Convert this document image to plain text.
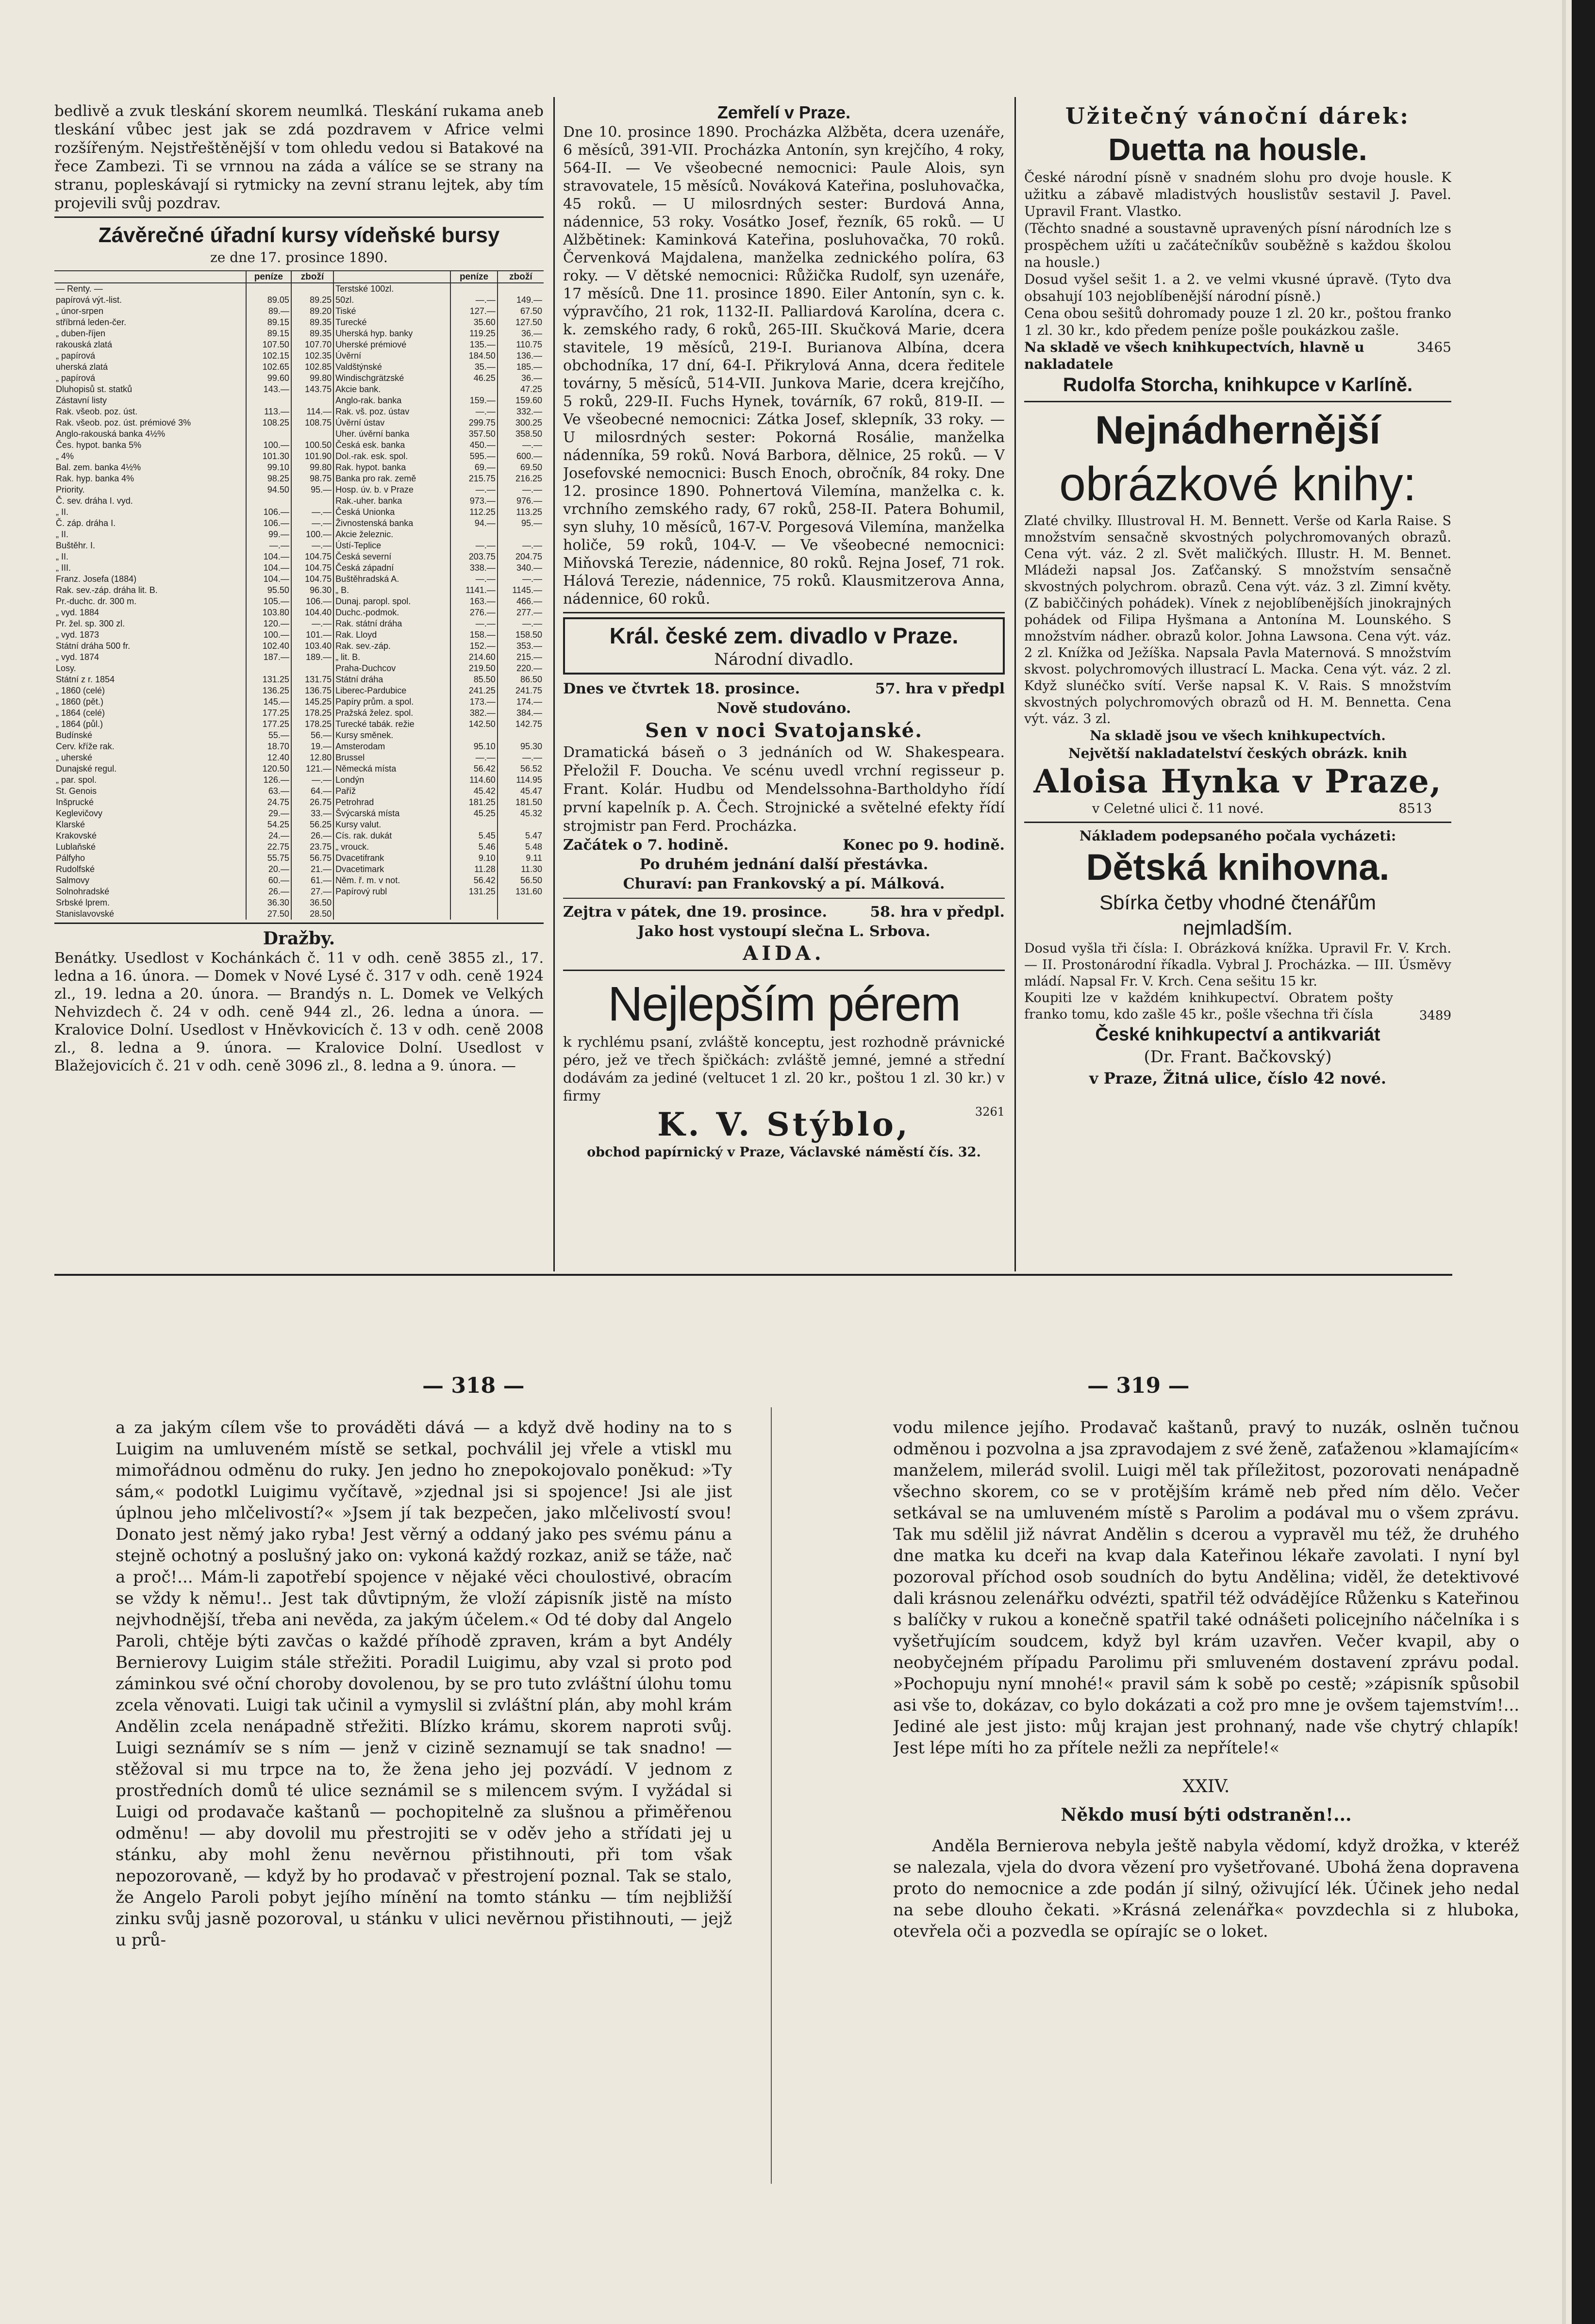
bedlivě a zvuk tleskání skorem neumlká. Tleskání rukama aneb tleskání vůbec jest jak se zdá pozdravem v Africe velmi rozšířeným. Nejstřeštěnější v tom ohledu vedou si Batakové na řece Zambezi. Ti se vrnnou na záda a válíce se se strany na stranu, popleskávají si rytmicky na zevní stranu lejtek, aby tím projevili svůj pozdrav.

Závěrečné úřadní kursy vídeňské bursy

ze dne 17. prosince 1890.

	peníze	zboží		peníze	zboží
— Renty. —			Terstské 100zl.		
papírová výt.-list.	89.05	89.25	50zl.	—.—	149.—
„ únor-srpen	89.—	89.20	Tiské	127.—	67.50
stříbrná leden-čer.	89.15	89.35	Turecké	35.60	127.50
„ duben-říjen	89.15	89.35	Uherská hyp. banky	119.25	36.—
rakouská zlatá	107.50	107.70	Uherské prémiové	135.—	110.75
„ papírová	102.15	102.35	Úvěrní	184.50	136.—
uherská zlatá	102.65	102.85	Valdštýnské	35.—	185.—
„ papírová	99.60	99.80	Windischgrätzské	46.25	36.—
Dluhopisů st. statků	143.—	143.75	Akcie bank.		47.25
Zástavní listy			Anglo-rak. banka	159.—	159.60
Rak. všeob. poz. úst.	113.—	114.—	Rak. vš. poz. ústav	—.—	332.—
Rak. všeob. poz. úst. prémiové 3%	108.25	108.75	Úvěrní ústav	299.75	300.25
Anglo-rakouská banka 4½%			Uher. úvěrní banka	357.50	358.50
Čes. hypot. banka 5%	100.—	100.50	Česká esk. banka	450.—	—.—
„ 4%	101.30	101.90	Dol.-rak. esk. spol.	595.—	600.—
Bal. zem. banka 4½%	99.10	99.80	Rak. hypot. banka	69.—	69.50
Rak. hyp. banka 4%	98.25	98.75	Banka pro rak. země	215.75	216.25
Priority.	94.50	95.—	Hosp. úv. b. v Praze	—.—	—.—
Č. sev. dráha I. vyd.			Rak.-uher. banka	973.—	976.—
„ II.	106.—	—.—	Česká Unionka	112.25	113.25
Č. záp. dráha I.	106.—	—.—	Živnostenská banka	94.—	95.—
„ II.	99.—	100.—	Akcie železnic.		
Buštěhr. I.	—.—	—.—	Ústí-Teplice	—.—	—.—
„ II.	104.—	104.75	Česká severní	203.75	204.75
„ III.	104.—	104.75	Česká západní	338.—	340.—
Franz. Josefa (1884)	104.—	104.75	Buštěhradská A.	—.—	—.—
Rak. sev.-záp. dráha lit. B.	95.50	96.30	„ B.	1141.—	1145.—
Pr.-duchc. dr. 300 m.	105.—	106.—	Dunaj. paropl. spol.	163.—	466.—
„ vyd. 1884	103.80	104.40	Duchc.-podmok.	276.—	277.—
Pr. žel. sp. 300 zl.	120.—	—.—	Rak. státní dráha	—.—	—.—
„ vyd. 1873	100.—	101.—	Rak. Lloyd	158.—	158.50
Státní dráha 500 fr.	102.40	103.40	Rak. sev.-záp.	152.—	353.—
„ vyd. 1874	187.—	189.—	„ lit. B.	214.60	215.—
Losy.			Praha-Duchcov	219.50	220.—
Státní z r. 1854	131.25	131.75	Státní dráha	85.50	86.50
„ 1860 (celé)	136.25	136.75	Liberec-Pardubice	241.25	241.75
„ 1860 (pět.)	145.—	145.25	Papíry prům. a spol.	173.—	174.—
„ 1864 (celé)	177.25	178.25	Pražská želez. spol.	382.—	384.—
„ 1864 (půl.)	177.25	178.25	Turecké tabák. režie	142.50	142.75
Budínské	55.—	56.—	Kursy směnek.		
Cerv. kříže rak.	18.70	19.—	Amsterodam	95.10	95.30
„ uherské	12.40	12.80	Brussel	—.—	—.—
Dunajské regul.	120.50	121.—	Německá místa	56.42	56.52
„ par. spol.	126.—	—.—	Londýn	114.60	114.95
St. Genois	63.—	64.—	Paříž	45.42	45.47
Inšprucké	24.75	26.75	Petrohrad	181.25	181.50
Keglevičovy	29.—	33.—	Švýcarská místa	45.25	45.32
Klarské	54.25	56.25	Kursy valut.		
Krakovské	24.—	26.—	Cís. rak. dukát	5.45	5.47
Lublaňské	22.75	23.75	„ vrouck.	5.46	5.48
Pálfyho	55.75	56.75	Dvacetifrank	9.10	9.11
Rudolfské	20.—	21.—	Dvacetimark	11.28	11.30
Salmovy	60.—	61.—	Něm. ř. m. v not.	56.42	56.50
Solnohradské	26.—	27.—	Papírový rubl	131.25	131.60
Srbské lprem.	36.30	36.50			
Stanislavovské	27.50	28.50			

Dražby.

Benátky. Usedlost v Kochánkách č. 11 v odh. ceně 3855 zl., 17. ledna a 16. února. — Domek v Nové Lysé č. 317 v odh. ceně 1924 zl., 19. ledna a 20. února. — Brandýs n. L. Domek ve Velkých Nehvizdech č. 24 v odh. ceně 944 zl., 26. ledna a února. — Kralovice Dolní. Usedlost v Hněvkovicích č. 13 v odh. ceně 2008 zl., 8. ledna a 9. února. — Kralovice Dolní. Usedlost v Blažejovicích č. 21 v odh. ceně 3096 zl., 8. ledna a 9. února. —

Zemřelí v Praze.

Dne 10. prosince 1890. Procházka Alžběta, dcera uzenáře, 6 měsíců, 391-VII. Procházka Antonín, syn krejčího, 4 roky, 564-II. — Ve všeobecné nemocnici: Paule Alois, syn stravovatele, 15 měsíců. Nováková Kateřina, posluhovačka, 45 roků. — U milosrdných sester: Burdová Anna, nádennice, 53 roky. Vosátko Josef, řezník, 65 roků. — U Alžbětinek: Kaminková Kateřina, posluhovačka, 70 roků. Červenková Majdalena, manželka zednického políra, 63 roky. — V dětské nemocnici: Růžička Rudolf, syn uzenáře, 17 měsíců. Dne 11. prosince 1890. Eiler Antonín, syn c. k. výpravčího, 21 rok, 1132-II. Palliardová Karolína, dcera c. k. zemského rady, 6 roků, 265-III. Skučková Marie, dcera stavitele, 19 měsíců, 219-I. Burianova Albína, dcera obchodníka, 17 dní, 64-I. Přikrylová Anna, dcera ředitele továrny, 5 měsíců, 514-VII. Junkova Marie, dcera krejčího, 5 roků, 229-II. Fuchs Hynek, továrník, 67 roků, 819-II. — Ve všeobecné nemocnici: Zátka Josef, sklepník, 33 roky. — U milosrdných sester: Pokorná Rosálie, manželka nádenníka, 59 roků. Nová Barbora, dělnice, 25 roků. — V Josefovské nemocnici: Busch Enoch, obročník, 84 roky. Dne 12. prosince 1890. Pohnertová Vilemína, manželka c. k. vrchního zemského rady, 67 roků, 258-II. Patera Bohumil, syn sluhy, 10 měsíců, 167-V. Porgesová Vilemína, manželka holiče, 59 roků, 104-V. — Ve všeobecné nemocnici: Miňovská Terezie, nádennice, 80 roků. Rejna Josef, 71 rok. Hálová Terezie, nádennice, 75 roků. Klausmitzerova Anna, nádennice, 60 roků.

Král. české zem. divadlo v Praze.

Národní divadlo.

Dnes ve čtvrtek 18. prosince.	57. hra v předpl

Nově studováno.

Sen v noci Svatojanské.

Dramatická báseň o 3 jednáních od W. Shakespeara. Přeložil F. Doucha. Ve scénu uvedl vrchní regisseur p. Frant. Kolár. Hudbu od Mendelssohna-Bartholdyho řídí první kapelník p. A. Čech. Strojnické a světelné efekty řídí strojmistr pan Ferd. Procházka.

Začátek o 7. hodině.	Konec po 9. hodině.

Po druhém jednání další přestávka.

Churaví: pan Frankovský a pí. Málková.

Zejtra v pátek, dne 19. prosince.	58. hra v předpl.

Jako host vystoupí slečna L. Srbova.

AIDA.

Nejlepším pérem

k rychlému psaní, zvláště konceptu, jest rozhodně právnické péro, jež ve třech špičkách: zvláště jemné, jemné a střední dodávám za jediné (veltucet 1 zl. 20 kr., poštou 1 zl. 30 kr.) v firmy

K. V. Stýblo,	3261

obchod papírnický v Praze, Václavské náměstí čís. 32.

Užitečný vánoční dárek:

Duetta na housle.

České národní písně v snadném slohu pro dvoje housle. K užitku a zábavě mladistvých houslistův sestavil J. Pavel. Upravil Frant. Vlastko.

(Těchto snadné a soustavně upravených písní národních lze s prospěchem užíti u začátečníkův souběžně s každou školou na housle.)

Dosud vyšel sešit 1. a 2. ve velmi vkusné úpravě. (Tyto dva obsahují 103 nejoblíbenější národní písně.)

Cena obou sešitů dohromady pouze 1 zl. 20 kr., poštou franko 1 zl. 30 kr., kdo předem peníze pošle poukázkou zašle.

Na skladě ve všech knihkupectvích, hlavně u nakladatele
3465

Rudolfa Storcha, knihkupce v Karlíně.

Nejnádhernější

obrázkové knihy:

Zlaté chvilky. Illustroval H. M. Bennett. Verše od Karla Raise. S množstvím sensačně skvostných polychromovaných obrazů. Cena výt. váz. 2 zl. Svět maličkých. Illustr. H. M. Bennet. Mládeži napsal Jos. Zaťčanský. S množstvím sensačně skvostných polychrom. obrazů. Cena výt. váz. 3 zl. Zimní květy. (Z babiččiných pohádek). Vínek z nejoblíbenějších jinokrajných pohádek od Filipa Hyšmana a Antonína M. Lounského. S množstvím nádher. obrazů kolor. Johna Lawsona. Cena výt. váz. 2 zl. Knížka od Ježíška. Napsala Pavla Maternová. S množstvím skvost. polychromových illustrací L. Macka. Cena výt. váz. 2 zl. Když slunéčko svítí. Verše napsal K. V. Rais. S množstvím skvostných polychromových obrazů od H. M. Bennetta. Cena výt. váz. 3 zl.

Na skladě jsou ve všech knihkupectvích.

Největší nakladatelství českých obrázk. knih

Aloisa Hynka v Praze,

v Celetné ulici č. 11 nové.	8513

Nákladem podepsaného počala vycházeti:

Dětská knihovna.

Sbírka četby vhodné čtenářům

nejmladším.

Dosud vyšla tři čísla: I. Obrázková knížka. Upravil Fr. V. Krch. — II. Prostonárodní říkadla. Vybral J. Procházka. — III. Úsměvy mládí. Napsal Fr. V. Krch. Cena sešitu 15 kr.

Koupiti lze v každém knihkupectví. Obratem pošty franko tomu, kdo zašle 45 kr., pošle všechna tři čísla	3489

České knihkupectví a antikvariát

(Dr. Frant. Bačkovský)

v Praze, Žitná ulice, číslo 42 nové.

— 318 —	— 319 —

a za jakým cílem vše to prováděti dává — a když dvě hodiny na to s Luigim na umluveném místě se setkal, pochválil jej vřele a vtiskl mu mimořádnou odměnu do ruky. Jen jedno ho znepokojovalo poněkud: »Ty sám,« podotkl Luigimu vyčítavě, »zjednal jsi si spojence! Jsi ale jist úplnou jeho mlčelivostí?« »Jsem jí tak bezpečen, jako mlčelivostí svou! Donato jest němý jako ryba! Jest věrný a oddaný jako pes svému pánu a stejně ochotný a poslušný jako on: vykoná každý rozkaz, aniž se táže, nač a proč!... Mám-li zapotřebí spojence v nějaké věci choulostivé, obracím se vždy k němu!.. Jest tak důvtipným, že vloží zápisník jistě na místo nejvhodnější, třeba ani nevěda, za jakým účelem.« Od té doby dal Angelo Paroli, chtěje býti zavčas o každé příhodě zpraven, krám a byt Andély Bernierovy Luigim stále střežiti. Poradil Luigimu, aby vzal si proto pod záminkou své oční choroby dovolenou, by se pro tuto zvláštní úlohu tomu zcela věnovati. Luigi tak učinil a vymyslil si zvláštní plán, aby mohl krám Andělin zcela nenápadně střežiti. Blízko krámu, skorem naproti svůj. Luigi seznámív se s ním — jenž v cizině seznamují se tak snadno! — stěžoval si mu trpce na to, že žena jeho jej pozvádí. V jednom z prostředních domů té ulice seznámil se s milencem svým. I vyžádal si Luigi od prodavače kaštanů — pochopitelně za slušnou a přiměřenou odměnu! — aby dovolil mu přestrojiti se v oděv jeho a střídati jej u stánku, aby mohl ženu nevěrnou přistihnouti, při tom však nepozorovaně, — když by ho prodavač v přestrojení poznal. Tak se stalo, že Angelo Paroli pobyt jejího mínění na tomto stánku — tím nejbližší zinku svůj jasně pozoroval, u stánku v ulici nevěrnou přistihnouti, — jejž u prů-

vodu milence jejího. Prodavač kaštanů, pravý to nuzák, oslněn tučnou odměnou i pozvolna a jsa zpravodajem z své ženě, zaťaženou »klamajícím« manželem, milerád svolil. Luigi měl tak příležitost, pozorovati nenápadně všechno skorem, co se v protějším krámě neb před ním dělo. Večer setkával se na umluveném místě s Parolim a podával mu o všem zprávu. Tak mu sdělil již návrat Andělin s dcerou a vypravěl mu též, že druhého dne matka ku dceři na kvap dala Kateřinou lékaře zavolati. I nyní byl pozoroval příchod osob soudních do bytu Andělina; viděl, že detektivové dali krásnou zelenářku odvézti, spatřil též odvádějíce Růženku s Kateřinou s balíčky v rukou a konečně spatřil také odnášeti policejního náčelníka i s vyšetřujícím soudcem, když byl krám uzavřen. Večer kvapil, aby o neobyčejném případu Parolimu při smluveném dostavení zprávu podal. »Pochopuju nyní mnohé!« pravil sám k sobě po cestě; »zápisník spůsobil asi vše to, dokázav, co bylo dokázati a což pro mne je ovšem tajemstvím!... Jediné ale jest jisto: můj krajan jest prohnaný, nade vše chytrý chlapík! Jest lépe míti ho za přítele nežli za nepřítele!«

XXIV.

Někdo musí býti odstraněn!...

Anděla Bernierova nebyla ještě nabyla vědomí, když drožka, v kteréž se nalezala, vjela do dvora vězení pro vyšetřované. Ubohá žena dopravena proto do nemocnice a zde podán jí silný, oživující lék. Účinek jeho nedal na sebe dlouho čekati. »Krásná zelenářka« povzdechla si z hluboka, otevřela oči a pozvedla se opírajíc se o loket.
